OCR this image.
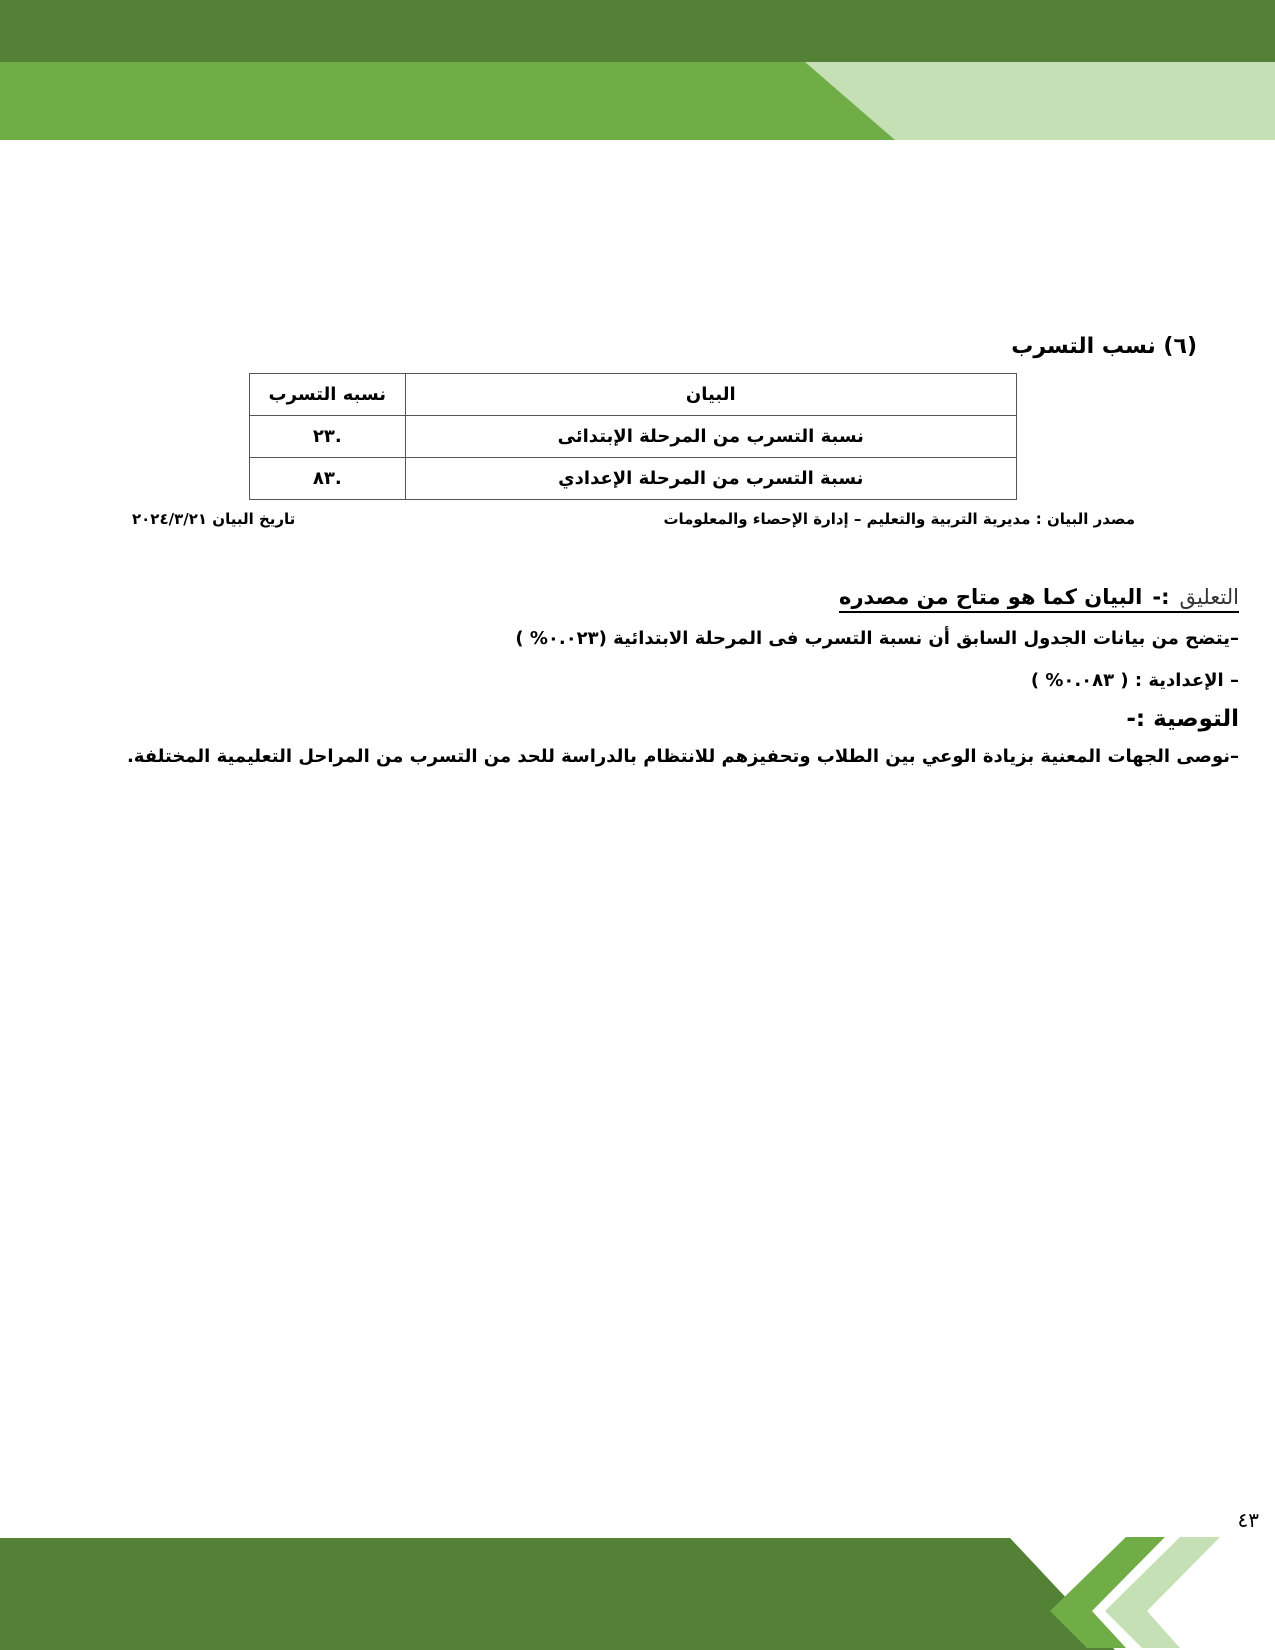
(٦) نسب التسرب
البيان	نسبه التسرب
نسبة التسرب من المرحلة الإبتدائى	.٢٣
نسبة التسرب من المرحلة الإعدادي	.٨٣
مصدر البيان : مديرية التربية والتعليم – إدارة الإحصاء والمعلومات
تاريخ البيان ٢٠٢٤/٣/٢١
التعليق:-البيان كما هو متاح من مصدره
–يتضح من بيانات الجدول السابق أن نسبة التسرب فى المرحلة الابتدائية (٠.٠٢٣% )
– الإعدادية : ( ٠.٠٨٣% )
التوصية :-
–نوصى الجهات المعنية بزيادة الوعي بين الطلاب وتحفيزهم للانتظام بالدراسة للحد من التسرب من المراحل التعليمية المختلفة.
٤٣
